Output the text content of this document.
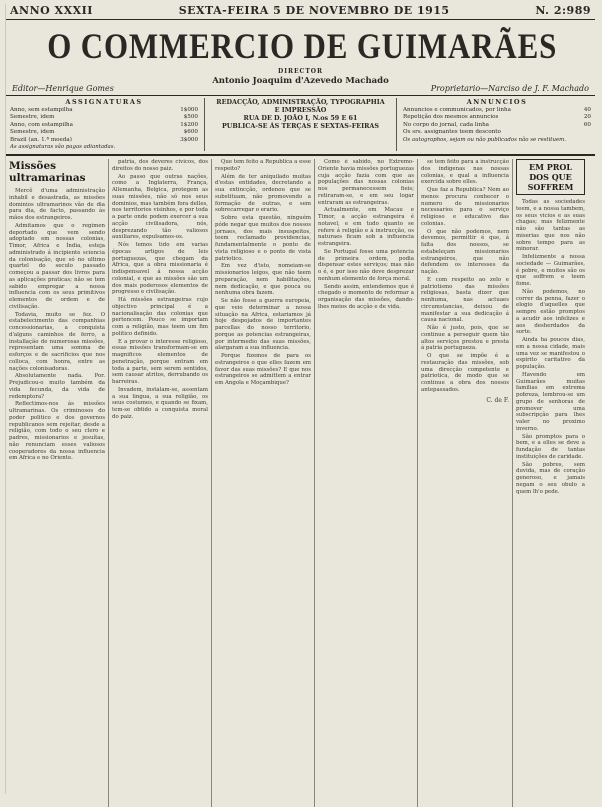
ANNO XXXII	SEXTA-FEIRA 5 DE NOVEMBRO DE 1915	N. 2:989
O COMMERCIO DE GUIMARÃES
DIRECTOR
Antonio Joaquim d'Azevedo Machado
Editor—Henrique Gomes	Proprietario—Narciso de J. F. Machado
ASSIGNATURAS
Anno, sem estampilha	1$000
Semestre, idem	$500
Anno, com estampilha	1$200
Semestre, idem	$600
Brazil (an. 1.ª moeda)	3$000
As assignaturas são pagas adiantadas.
REDACÇÃO, ADMINISTRAÇÃO, TYPOGRAPHIA
E IMPRESSÃO
RUA DE D. JOÃO I, N.os 59 E 61
PUBLICA-SE ÁS TERÇAS E SEXTAS-FEIRAS
ANNUNCIOS
Annuncios e communicados, por linha	40
Repetição dos mesmos annuncios	20
No corpo do jornal, cada linha	60
Os srs. assignantes teem desconto
Os autographos, sejam ou não publicados não se restituem.
Missões ultramarinas

Mercê d'uma administração inhabil e desastrada, as missões dominios ultramarinos vão de dia para dia, de facto, passando ás mãos dos estrangeiros.

Admitamos que o regimen deportado que vem sendo adoptado em nossas colonias, Timor, Africa e Índia, esteja administrado á incipiente sciencia da colonisação, que só no ultimo quartel do seculo passado começou a passar dos livros para as aplicações praticas; não se tem sabido empregar a nossa influencia com os seus primitivos elementos de ordem e de civilisação.

Todavia, muito se fez. O estabelecimento das companhias concessionarias, a conquista d'alguns caminhos de ferro, a installação de numerosas missões, representam uma somma de esforços e de sacrificios que nos colloca, com honra, entre as nações colonisadoras.

Absolutamente nada. Por. Prejudicou-o muito também da vida fecunda, da vida de redemptora?

Reflectimos-nos ás missões ultramarinas. Os criminosos do poder politico e dos governos republicanos sem rejeitar, desde a religião, com todo o seu clero e padres, missionarios e jesuítas, não renunciam esses valiosos cooperadores da nossa influencia em Africa e no Oriente.

patria, dos deveres civicos, dos direitos do nosso paiz.

Ao passo que outras nações, como a Inglaterra, França, Allemanha, Belgica, protegem as suas missões, não só nos seus dominios, mas também fora delles, nos territorios visinhos, e por toda a parte onde podem exercer a sua acção civilisadora, nós, desprezando tão valiosos auxiliares, expulsamos-os.

Nós temos tido em varias épocas artigos de leis portuguezas, que chegam da Africa, que a obra missionaria é indispensavel á nossa acção colonial, e que as missões são um dos mais poderosos elementos de progresso e civilisação.

Há missões estrangeiras cujo objectivo principal é a nacionalisação das colonias que pertencem. Pouco se importam com a religião, mas teem um fim politico definido.

E a provar o interesse religioso, essas missões transformam-se em magnificos elementos de penetração, porque entram em toda a parte, sem serem sentidos, sem causar atritos, derrubando os barreiras.

Invadem, instalam-se, assentam a sua lingua, a sua religião, os seus costumes, e quando se fixam, tem-se obtido a conquista moral do paiz.

Que tem feito a Republica a esse respeito?

Além de ter aniquilado muitas d'estas entidades, decretando a sua extincção, ordenou que se substituam, não promovendo a formação de outras, e sem sobrecarregar o erario.

Sobre esta questão, ninguém póde negar que muitos dos nossos jornaes, dos mais insuspeitos, teem reclamado providencias, fundamentalmente o ponto de vista religioso e o ponto de vista patriotico.

Em vez d'isto, nomeiam-se missionarios leigos, que não teem preparação, nem habilitações, nem dedicação, e que pouca ou nenhuma obra fazem.

Se não fosse a guerra europeia, que veio determinar a nossa situação na Africa, estariamos já hoje despojados de importantes parcellas do nosso territorio, porque as potencias estrangeiras, por intermedio das suas missões, alargaram a sua influencia.

Porque fizemos de para os estrangeiros o que elles fazem em favor das suas missões? E que nos estrangeiros se admittem a entrar em Angola e Moçambique?

Como é sabido, no Extremo-Oriente havia missões portuguezas cuja acção fazia com que as populações das nossas colonias nos permanecessem fieis; retiraram-se, e em seu logar entraram as estrangeiras.

Actualmente, em Macau e Timor, a acção estrangeira é notavel, e em tudo quanto se refere á religião e á instrucção, os naturaes ficam sob a influencia estrangeira.

Se Portugal fosse uma potencia de primeira ordem, podia dispensar estes serviços; mas não o é, e por isso não deve desprezar nenhum elemento de força moral.

Sendo assim, entendemos que é chegado o momento de reformar a organisação das missões, dando-lhes meios de acção e de vida.

se tem feito para a instrucção dos indigenas nas nossas colonias, e qual a influencia exercida sobre elles.

Que faz a Republica? Nem ao menos procura conhecer o numero de missionarios necessarios para o serviço religioso e educativo das colonias.

O que não podemos, nem devemos, permittir é que, á falta dos nossos, se estabeleçam missionarios estrangeiros, que não defendem os interesses da nação.

E com respeito ao zelo e patriotismo das missões religiosas, basta dizer que nenhuma, nas actuaes circumstancias, deixou de manifestar a sua dedicação á causa nacional.

Não é justo, pois, que se continue a perseguir quem tão altos serviços prestou e presta á patria portugueza.

O que se impõe é a restauração das missões, sob uma direcção competente e patriotica, de modo que se continue a obra dos nossos antepassados.

C. de F.
EM PROL DOS QUE SOFFREM

Todas as sociedades teem, e a nossa tambem, os seus vicios e as suas chagas; mas felizmente não são tantas as miserias que nos não sobre tempo para as minorar.

Infelizmente a nossa sociedade — Guimarães, é pobre, e muitos são os que soffrem e teem fome.

Não podemos, no correr da penna, fazer o elogio d'aquelles que sempre estão promptos a acudir aos infelizes e aos desherdados da sorte.

Ainda ha poucos dias, em a nossa cidade, mais uma vez se manifestou o espirito caritativo da população.

Havendo em Guimarães muitas familias em extrema pobreza, lembrou-se um grupo de senhoras de promover uma subscripção para lhes valer no proximo inverno.

São promptos para o bem, e a elles se deve a fundação de tantas instituições de caridade.

São pobres, sem duvida, mas de coração generoso, e jamais negam o seu obulo a quem lh'o pede.
